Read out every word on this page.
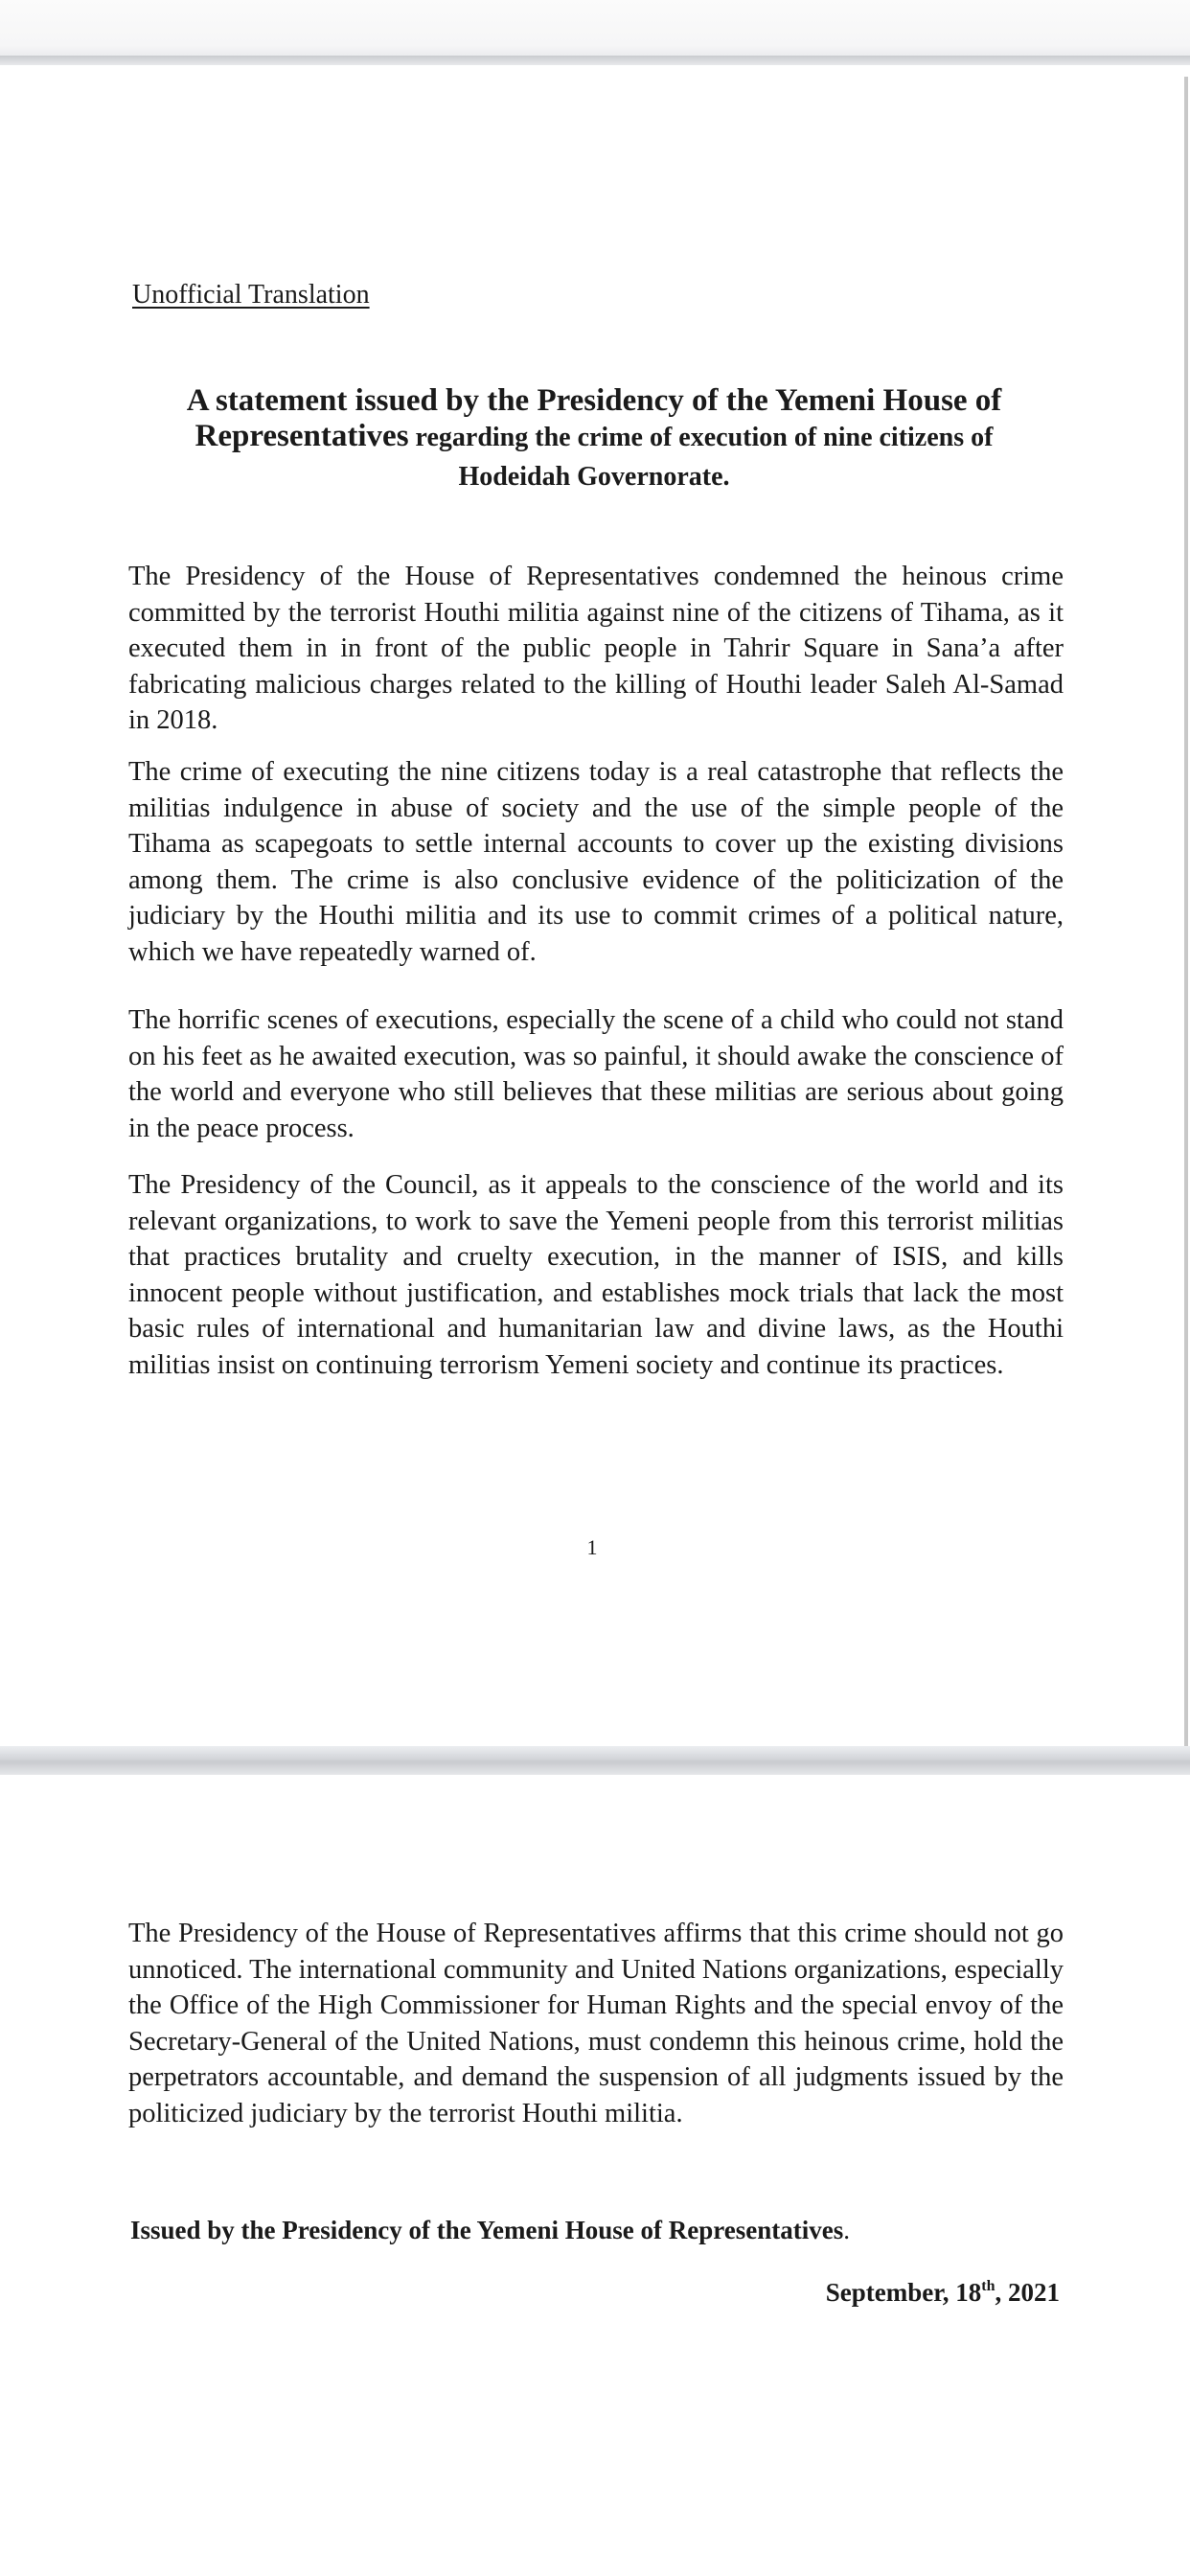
Unofficial Translation
A statement issued by the Presidency of the Yemeni House of
Representatives regarding the crime of execution of nine citizens of
Hodeidah Governorate.

The Presidency of the House of Representatives condemned the heinous crime committed by the terrorist Houthi militia against nine of the citizens of Tihama, as it executed them in in front of the public people in Tahrir Square in Sana’a after fabricating malicious charges related to the killing of Houthi leader Saleh Al-Samad in 2018.

The crime of executing the nine citizens today is a real catastrophe that reflects the militias indulgence in abuse of society and the use of the simple people of the Tihama as scapegoats to settle internal accounts to cover up the existing divisions among them. The crime is also conclusive evidence of the politicization of the judiciary by the Houthi militia and its use to commit crimes of a political nature, which we have repeatedly warned of.

The horrific scenes of executions, especially the scene of a child who could not stand on his feet as he awaited execution, was so painful, it should awake the conscience of the world and everyone who still believes that these militias are serious about going in the peace process.

The Presidency of the Council, as it appeals to the conscience of the world and its relevant organizations, to work to save the Yemeni people from this terrorist militias that practices brutality and cruelty execution, in the manner of ISIS, and kills innocent people without justification, and establishes mock trials that lack the most basic rules of international and humanitarian law and divine laws, as the Houthi militias insist on continuing terrorism Yemeni society and continue its practices.

1

The Presidency of the House of Representatives affirms that this crime should not go unnoticed. The international community and United Nations organizations, especially the Office of the High Commissioner for Human Rights and the special envoy of the Secretary-General of the United Nations, must condemn this heinous crime, hold the perpetrators accountable, and demand the suspension of all judgments issued by the politicized judiciary by the terrorist Houthi militia.

Issued by the Presidency of the Yemeni House of Representatives.
September, 18th, 2021
